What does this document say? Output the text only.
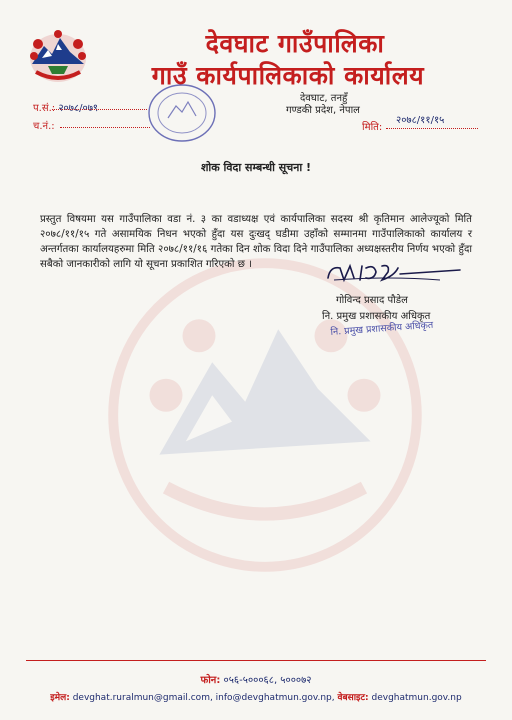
देवघाट गाउँपालिका
गाउँ कार्यपालिकाको कार्यालय
देवघाट, तनहुँ
गण्डकी प्रदेश, नेपाल
प.सं.: २०७८/०७९
च.नं.:
२०७८/११/१५
मिति:
शोक विदा सम्बन्धी सूचना !
प्रस्तुत विषयमा यस गाउँपालिका वडा नं. ३ का वडाध्यक्ष एवं कार्यपालिका सदस्य श्री कृतिमान आलेज्यूको मिति २०७८/११/१५ गते असामयिक निधन भएको हुँदा यस दुःखद् घडीमा उहाँको सम्मानमा गाउँपालिकाको कार्यालय र अन्तर्गतका कार्यालयहरुमा मिति २०७८/११/१६ गतेका दिन शोक विदा दिने गाउँपालिका अध्यक्षस्तरीय निर्णय भएको हुँदा सबैको जानकारीको लागि यो सूचना प्रकाशित गरिएको छ ।
गोविन्द प्रसाद पौडेल
नि. प्रमुख प्रशासकीय अधिकृत
नि. प्रमुख प्रशासकीय अधिकृत
फोन: ०५६-५०००६८, ५०००७२
इमेल: devghat.ruralmun@gmail.com, info@devghatmun.gov.np, वेबसाइट: devghatmun.gov.np
